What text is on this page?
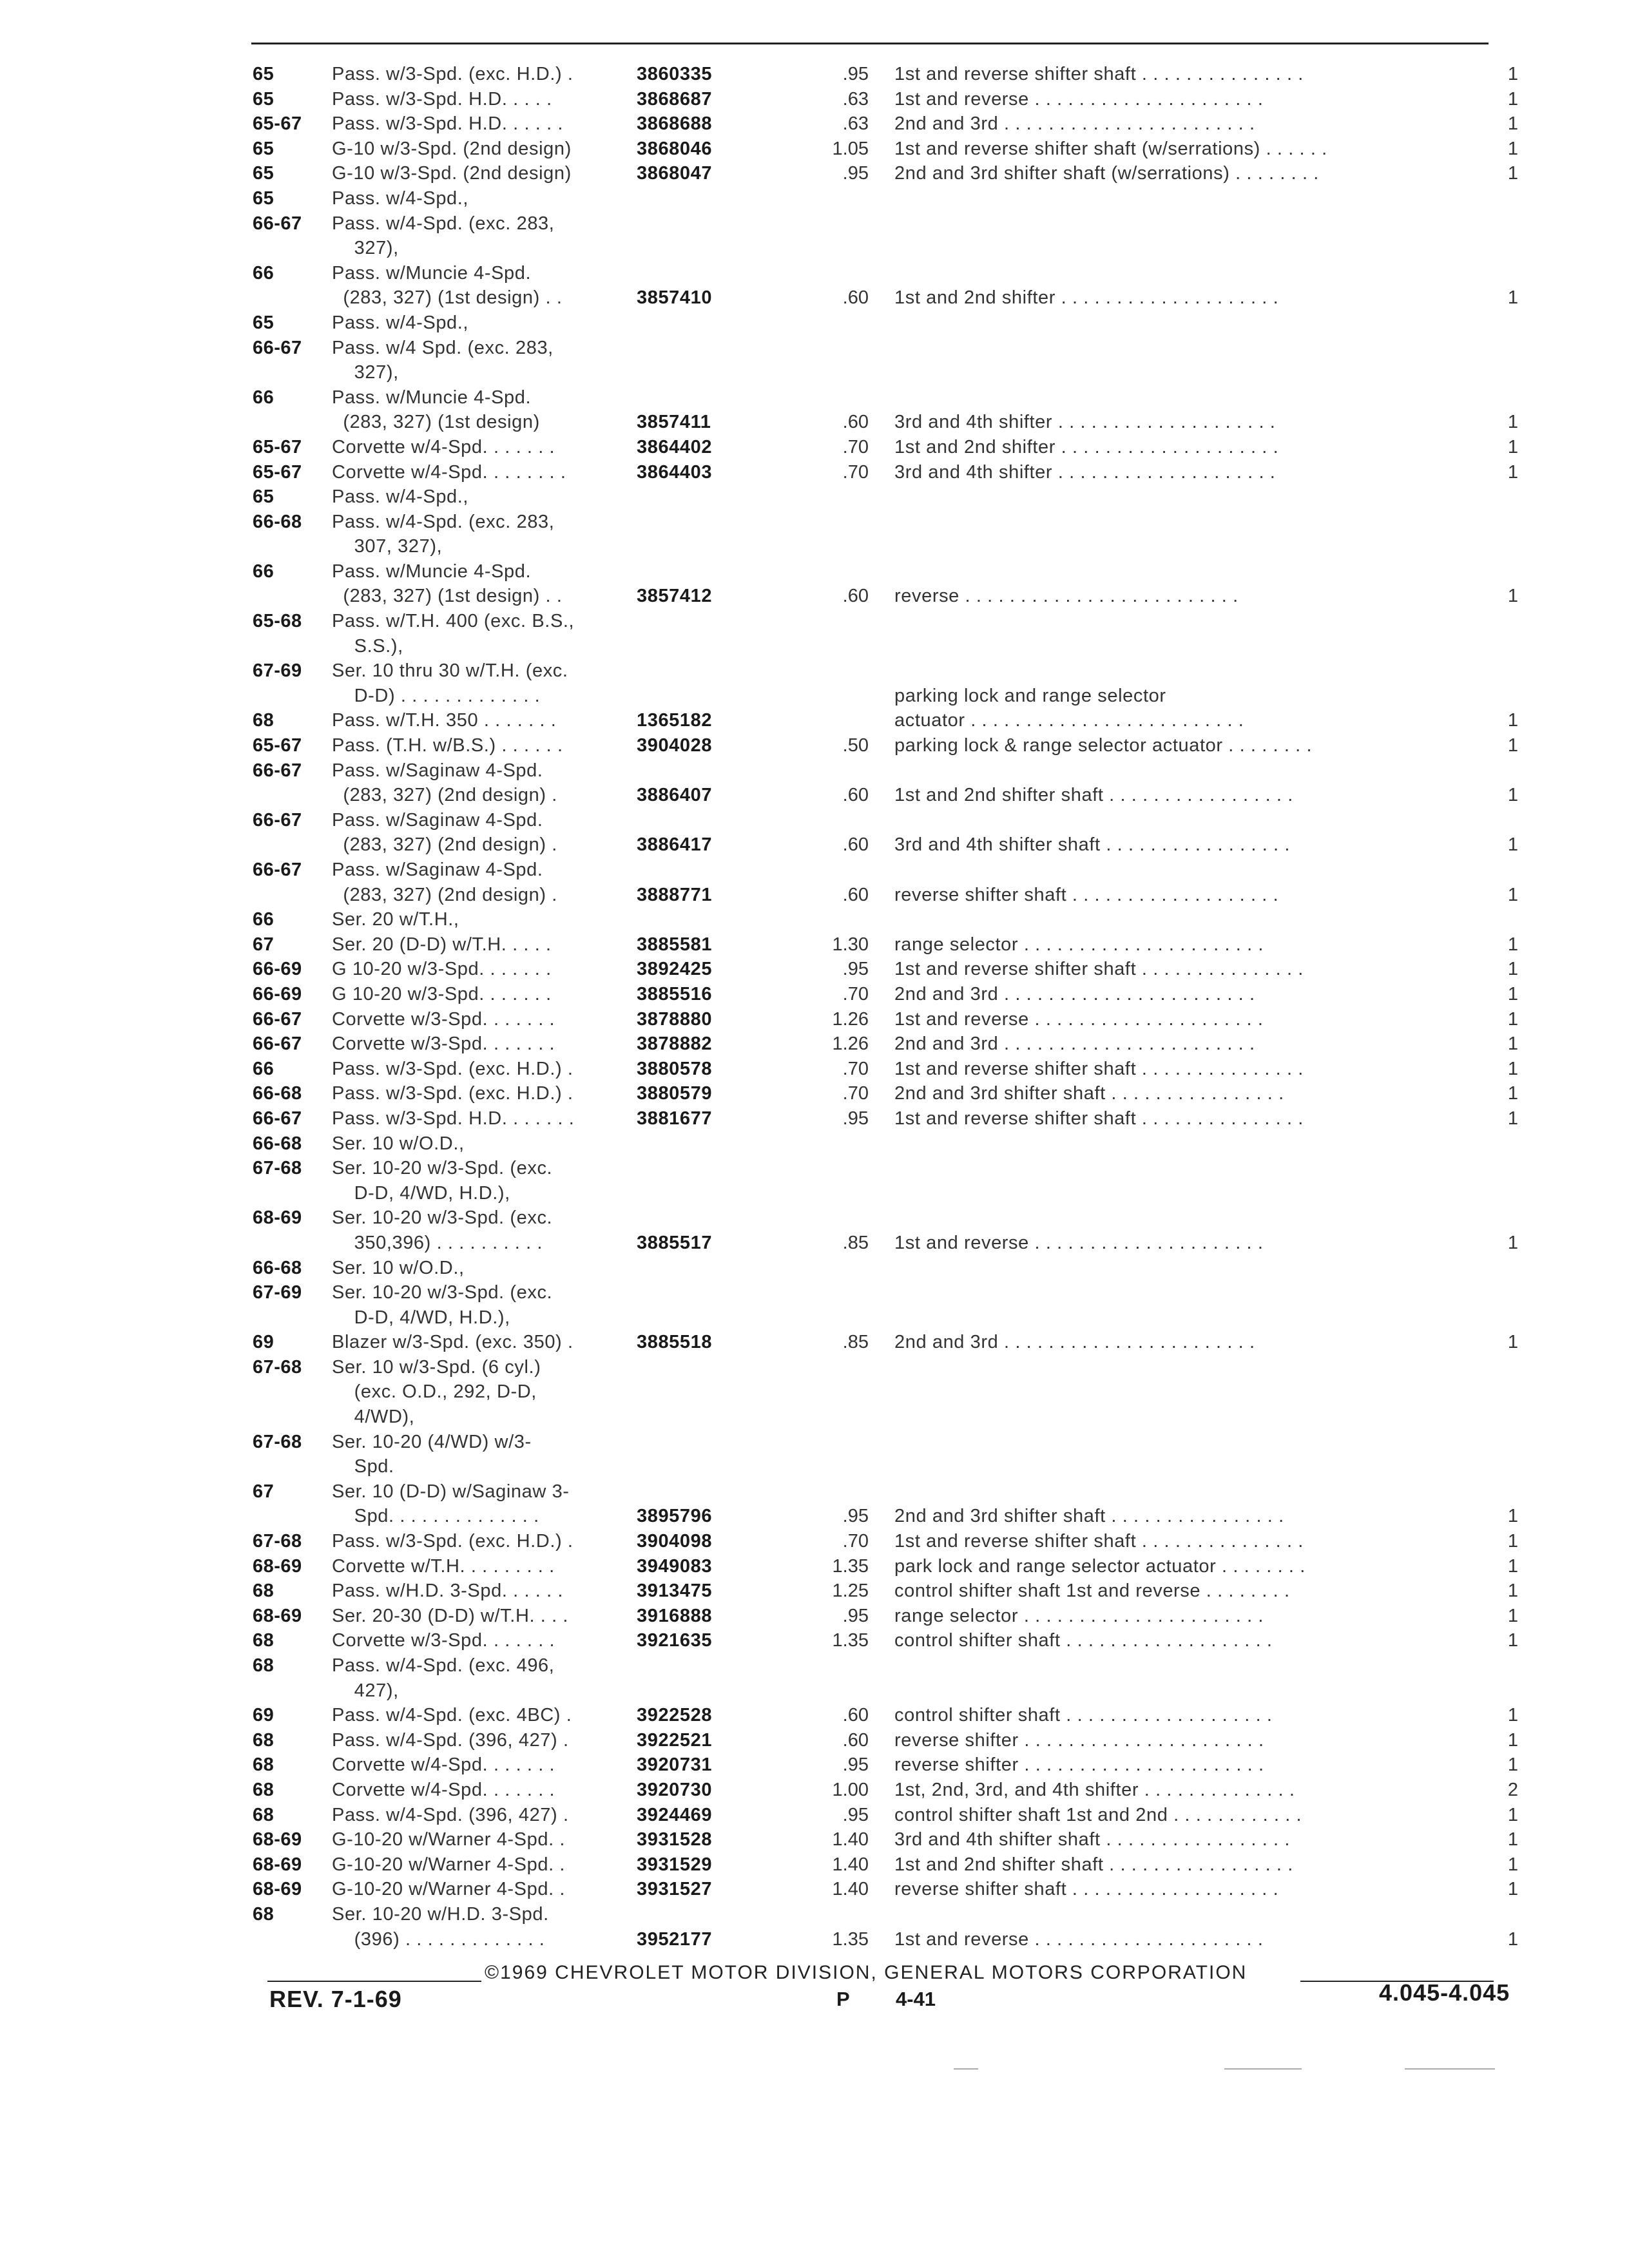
65	Pass. w/3-Spd. (exc. H.D.) .	3860335	.95 1st and reverse shifter shaft . . . . . . . . . . . . . . .	1
65	Pass. w/3-Spd. H.D. . . . .	3868687	.63 1st and reverse . . . . . . . . . . . . . . . . . . . . .	1
65-67 Pass. w/3-Spd. H.D. . . . . .	3868688	.63 2nd and 3rd . . . . . . . . . . . . . . . . . . . . . . .	1
65	G-10 w/3-Spd. (2nd design)	3868046	1.05 1st and reverse shifter shaft (w/serrations) . . . . . .	1
65	G-10 w/3-Spd. (2nd design)	3868047	.95 2nd and 3rd shifter shaft (w/serrations) . . . . . . . .	1
65	Pass. w/4-Spd.,
66-67 Pass. w/4-Spd. (exc. 283,
327),
66	Pass. w/Muncie 4-Spd.
(283, 327) (1st design) . .	3857410	.60 1st and 2nd shifter . . . . . . . . . . . . . . . . . . . .	1
65	Pass. w/4-Spd.,
66-67 Pass. w/4 Spd. (exc. 283,
327),
66	Pass. w/Muncie 4-Spd.
(283, 327) (1st design)	3857411	.60 3rd and 4th shifter . . . . . . . . . . . . . . . . . . . .	1
65-67 Corvette w/4-Spd. . . . . . .	3864402	.70 1st and 2nd shifter . . . . . . . . . . . . . . . . . . . .	1
65-67 Corvette w/4-Spd. . . . . . . .	3864403	.70 3rd and 4th shifter . . . . . . . . . . . . . . . . . . . .	1
65	Pass. w/4-Spd.,
66-68 Pass. w/4-Spd. (exc. 283,
307, 327),
66	Pass. w/Muncie 4-Spd.
(283, 327) (1st design) . .	3857412	.60 reverse . . . . . . . . . . . . . . . . . . . . . . . . .	1
65-68 Pass. w/T.H. 400 (exc. B.S.,
S.S.),
67-69 Ser. 10 thru 30 w/T.H. (exc.
D-D) . . . . . . . . . . . . .	parking lock and range selector
68	Pass. w/T.H. 350 . . . . . . .	1365182	actuator . . . . . . . . . . . . . . . . . . . . . . . . .	1
65-67 Pass. (T.H. w/B.S.) . . . . . .	3904028	.50 parking lock & range selector actuator . . . . . . . .	1
66-67 Pass. w/Saginaw 4-Spd.
(283, 327) (2nd design) .	3886407	.60 1st and 2nd shifter shaft . . . . . . . . . . . . . . . . .	1
66-67 Pass. w/Saginaw 4-Spd.
(283, 327) (2nd design) .	3886417	.60 3rd and 4th shifter shaft . . . . . . . . . . . . . . . . .	1
66-67 Pass. w/Saginaw 4-Spd.
(283, 327) (2nd design) .	3888771	.60 reverse shifter shaft . . . . . . . . . . . . . . . . . . .	1
66	Ser. 20 w/T.H.,
67	Ser. 20 (D-D) w/T.H. . . . .	3885581	1.30 range selector . . . . . . . . . . . . . . . . . . . . . .	1
66-69 G 10-20 w/3-Spd. . . . . . .	3892425	.95 1st and reverse shifter shaft . . . . . . . . . . . . . . .	1
66-69 G 10-20 w/3-Spd. . . . . . .	3885516	.70 2nd and 3rd . . . . . . . . . . . . . . . . . . . . . . .	1
66-67 Corvette w/3-Spd. . . . . . .	3878880	1.26 1st and reverse . . . . . . . . . . . . . . . . . . . . .	1
66-67 Corvette w/3-Spd. . . . . . .	3878882	1.26 2nd and 3rd . . . . . . . . . . . . . . . . . . . . . . .	1
66	Pass. w/3-Spd. (exc. H.D.) .	3880578	.70 1st and reverse shifter shaft . . . . . . . . . . . . . . .	1
66-68 Pass. w/3-Spd. (exc. H.D.) .	3880579	.70 2nd and 3rd shifter shaft . . . . . . . . . . . . . . . .	1
66-67 Pass. w/3-Spd. H.D. . . . . . .	3881677	.95 1st and reverse shifter shaft . . . . . . . . . . . . . . .	1
66-68 Ser. 10 w/O.D.,
67-68 Ser. 10-20 w/3-Spd. (exc.
D-D, 4/WD, H.D.),
68-69 Ser. 10-20 w/3-Spd. (exc.
350,396) . . . . . . . . . .	3885517	.85 1st and reverse . . . . . . . . . . . . . . . . . . . . .	1
66-68 Ser. 10 w/O.D.,
67-69 Ser. 10-20 w/3-Spd. (exc.
D-D, 4/WD, H.D.),
69	Blazer w/3-Spd. (exc. 350) .	3885518	.85 2nd and 3rd . . . . . . . . . . . . . . . . . . . . . . .	1
67-68 Ser. 10 w/3-Spd. (6 cyl.)
(exc. O.D., 292, D-D,
4/WD),
67-68 Ser. 10-20 (4/WD) w/3-
Spd.
67	Ser. 10 (D-D) w/Saginaw 3-
Spd. . . . . . . . . . . . . .	3895796	.95 2nd and 3rd shifter shaft . . . . . . . . . . . . . . . .	1
67-68 Pass. w/3-Spd. (exc. H.D.) .	3904098	.70 1st and reverse shifter shaft . . . . . . . . . . . . . . .	1
68-69 Corvette w/T.H. . . . . . . . .	3949083	1.35 park lock and range selector actuator . . . . . . . .	1
68	Pass. w/H.D. 3-Spd. . . . . .	3913475	1.25 control shifter shaft 1st and reverse . . . . . . . .	1
68-69 Ser. 20-30 (D-D) w/T.H. . . .	3916888	.95 range selector . . . . . . . . . . . . . . . . . . . . . .	1
68	Corvette w/3-Spd. . . . . . .	3921635	1.35 control shifter shaft . . . . . . . . . . . . . . . . . . .	1
68	Pass. w/4-Spd. (exc. 496,
427),
69	Pass. w/4-Spd. (exc. 4BC) .	3922528	.60 control shifter shaft . . . . . . . . . . . . . . . . . . .	1
68	Pass. w/4-Spd. (396, 427) .	3922521	.60 reverse shifter . . . . . . . . . . . . . . . . . . . . . .	1
68	Corvette w/4-Spd. . . . . . .	3920731	.95 reverse shifter . . . . . . . . . . . . . . . . . . . . . .	1
68	Corvette w/4-Spd. . . . . . .	3920730	1.00 1st, 2nd, 3rd, and 4th shifter . . . . . . . . . . . . . .	2
68	Pass. w/4-Spd. (396, 427) .	3924469	.95 control shifter shaft 1st and 2nd . . . . . . . . . . . .	1
68-69 G-10-20 w/Warner 4-Spd. .	3931528	1.40 3rd and 4th shifter shaft . . . . . . . . . . . . . . . . .	1
68-69 G-10-20 w/Warner 4-Spd. .	3931529	1.40 1st and 2nd shifter shaft . . . . . . . . . . . . . . . . .	1
68-69 G-10-20 w/Warner 4-Spd. .	3931527	1.40 reverse shifter shaft . . . . . . . . . . . . . . . . . . .	1
68	Ser. 10-20 w/H.D. 3-Spd.
(396) . . . . . . . . . . . . .	3952177	1.35 1st and reverse . . . . . . . . . . . . . . . . . . . . .	1
©1969 CHEVROLET MOTOR DIVISION, GENERAL MOTORS CORPORATION
REV. 7-1-69	P 4-41	4.045-4.045
